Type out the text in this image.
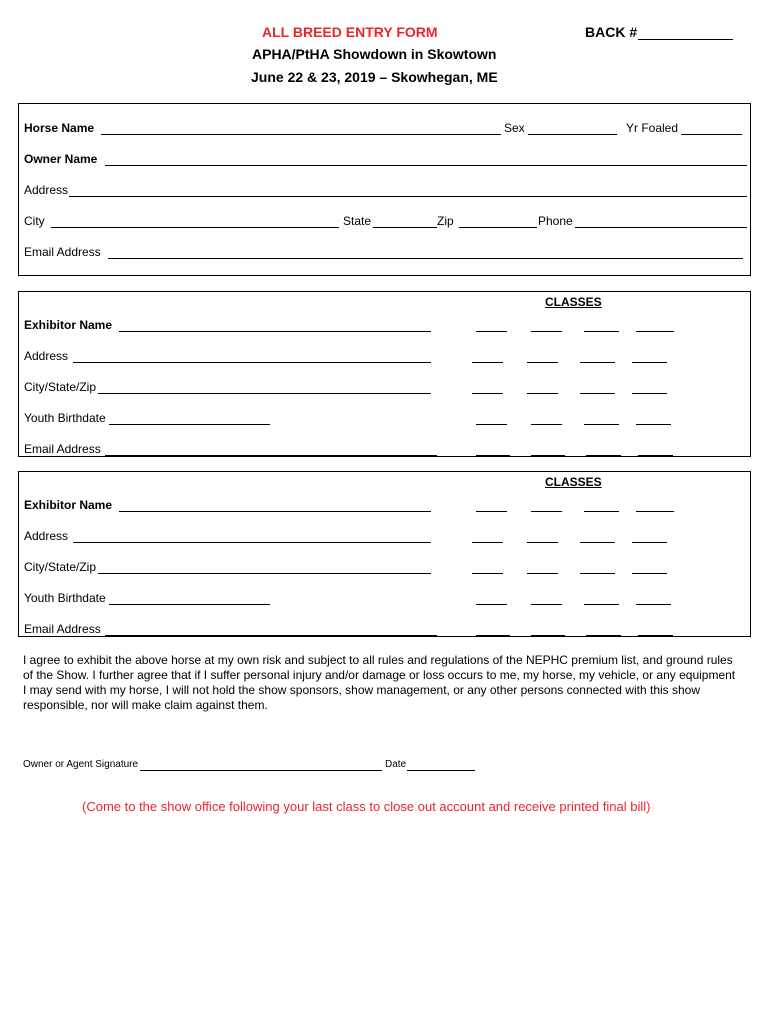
ALL BREED ENTRY FORM	BACK #
APHA/PtHA Showdown in Skowtown
June 22 & 23, 2019 – Skowhegan, ME
Horse Name	Sex	Yr Foaled
Owner Name
Address
City	State	Zip	Phone
Email Address
CLASSES
Exhibitor Name
Address
City/State/Zip
Youth Birthdate
Email Address
CLASSES
Exhibitor Name
Address
City/State/Zip
Youth Birthdate
Email Address
I agree to exhibit the above horse at my own risk and subject to all rules and regulations of the NEPHC premium list, and ground rules of the Show. I further agree that if I suffer personal injury and/or damage or loss occurs to me, my horse, my vehicle, or any equipment I may send with my horse, I will not hold the show sponsors, show management, or any other persons connected with this show responsible, nor will make claim against them.
Owner or Agent Signature	Date
(Come to the show office following your last class to close out account and receive printed final bill)
